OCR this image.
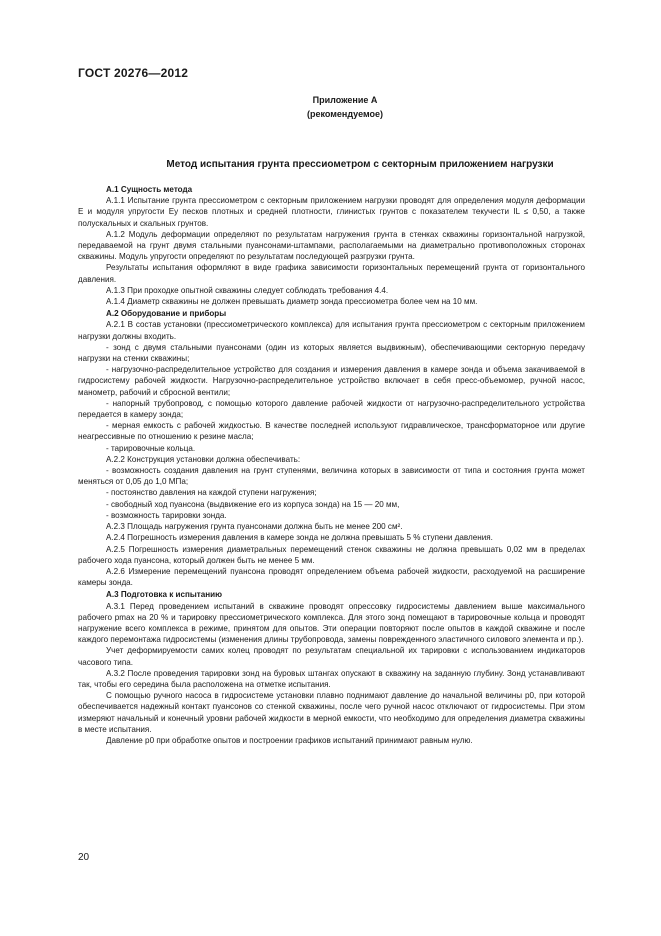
ГОСТ 20276—2012
Приложение А
(рекомендуемое)
Метод испытания грунта прессиометром с секторным приложением нагрузки

А.1 Сущность метода

А.1.1 Испытание грунта прессиометром с секторным приложением нагрузки проводят для определения модуля деформации E и модуля упругости Ey песков плотных и средней плотности, глинистых грунтов с показателем текучести IL ≤ 0,50, а также полускальных и скальных грунтов.

А.1.2 Модуль деформации определяют по результатам нагружения грунта в стенках скважины горизонтальной нагрузкой, передаваемой на грунт двумя стальными пуансонами-штампами, располагаемыми на диаметрально противоположных сторонах скважины. Модуль упругости определяют по результатам последующей разгрузки грунта.

Результаты испытания оформляют в виде графика зависимости горизонтальных перемещений грунта от горизонтального давления.

А.1.3 При проходке опытной скважины следует соблюдать требования 4.4.

А.1.4 Диаметр скважины не должен превышать диаметр зонда прессиометра более чем на 10 мм.

А.2 Оборудование и приборы

А.2.1 В состав установки (прессиометрического комплекса) для испытания грунта прессиометром с секторным приложением нагрузки должны входить.

- зонд с двумя стальными пуансонами (один из которых является выдвижным), обеспечивающими секторную передачу нагрузки на стенки скважины;

- нагрузочно-распределительное устройство для создания и измерения давления в камере зонда и объема закачиваемой в гидросистему рабочей жидкости. Нагрузочно-распределительное устройство включает в себя пресс-объемомер, ручной насос, манометр, рабочий и сбросной вентили;

- напорный трубопровод, с помощью которого давление рабочей жидкости от нагрузочно-распределительного устройства передается в камеру зонда;

- мерная емкость с рабочей жидкостью. В качестве последней используют гидравлическое, трансформаторное или другие неагрессивные по отношению к резине масла;

- тарировочные кольца.

А.2.2 Конструкция установки должна обеспечивать:

- возможность создания давления на грунт ступенями, величина которых в зависимости от типа и состояния грунта может меняться от 0,05 до 1,0 МПа;

- постоянство давления на каждой ступени нагружения;

- свободный ход пуансона (выдвижение его из корпуса зонда) на 15 — 20 мм,

- возможность тарировки зонда.

А.2.3 Площадь нагружения грунта пуансонами должна быть не менее 200 см².

А.2.4 Погрешность измерения давления в камере зонда не должна превышать 5 % ступени давления.

А.2.5 Погрешность измерения диаметральных перемещений стенок скважины не должна превышать 0,02 мм в пределах рабочего хода пуансона, который должен быть не менее 5 мм.

А.2.6 Измерение перемещений пуансона проводят определением объема рабочей жидкости, расходуемой на расширение камеры зонда.

А.3 Подготовка к испытанию

А.3.1 Перед проведением испытаний в скважине проводят опрессовку гидросистемы давлением выше максимального рабочего pmax на 20 % и тарировку прессиометрического комплекса. Для этого зонд помещают в тарировочные кольца и проводят нагружение всего комплекса в режиме, принятом для опытов. Эти операции повторяют после опытов в каждой скважине и после каждого перемонтажа гидросистемы (изменения длины трубопровода, замены поврежденного эластичного силового элемента и пр.).

Учет деформируемости самих колец проводят по результатам специальной их тарировки с использованием индикаторов часового типа.

А.3.2 После проведения тарировки зонд на буровых штангах опускают в скважину на заданную глубину. Зонд устанавливают так, чтобы его середина была расположена на отметке испытания.

С помощью ручного насоса в гидросистеме установки плавно поднимают давление до начальной величины p0, при которой обеспечивается надежный контакт пуансонов со стенкой скважины, после чего ручной насос отключают от гидросистемы. При этом измеряют начальный и конечный уровни рабочей жидкости в мерной емкости, что необходимо для определения диаметра скважины в месте испытания.

Давление p0 при обработке опытов и построении графиков испытаний принимают равным нулю.

20
